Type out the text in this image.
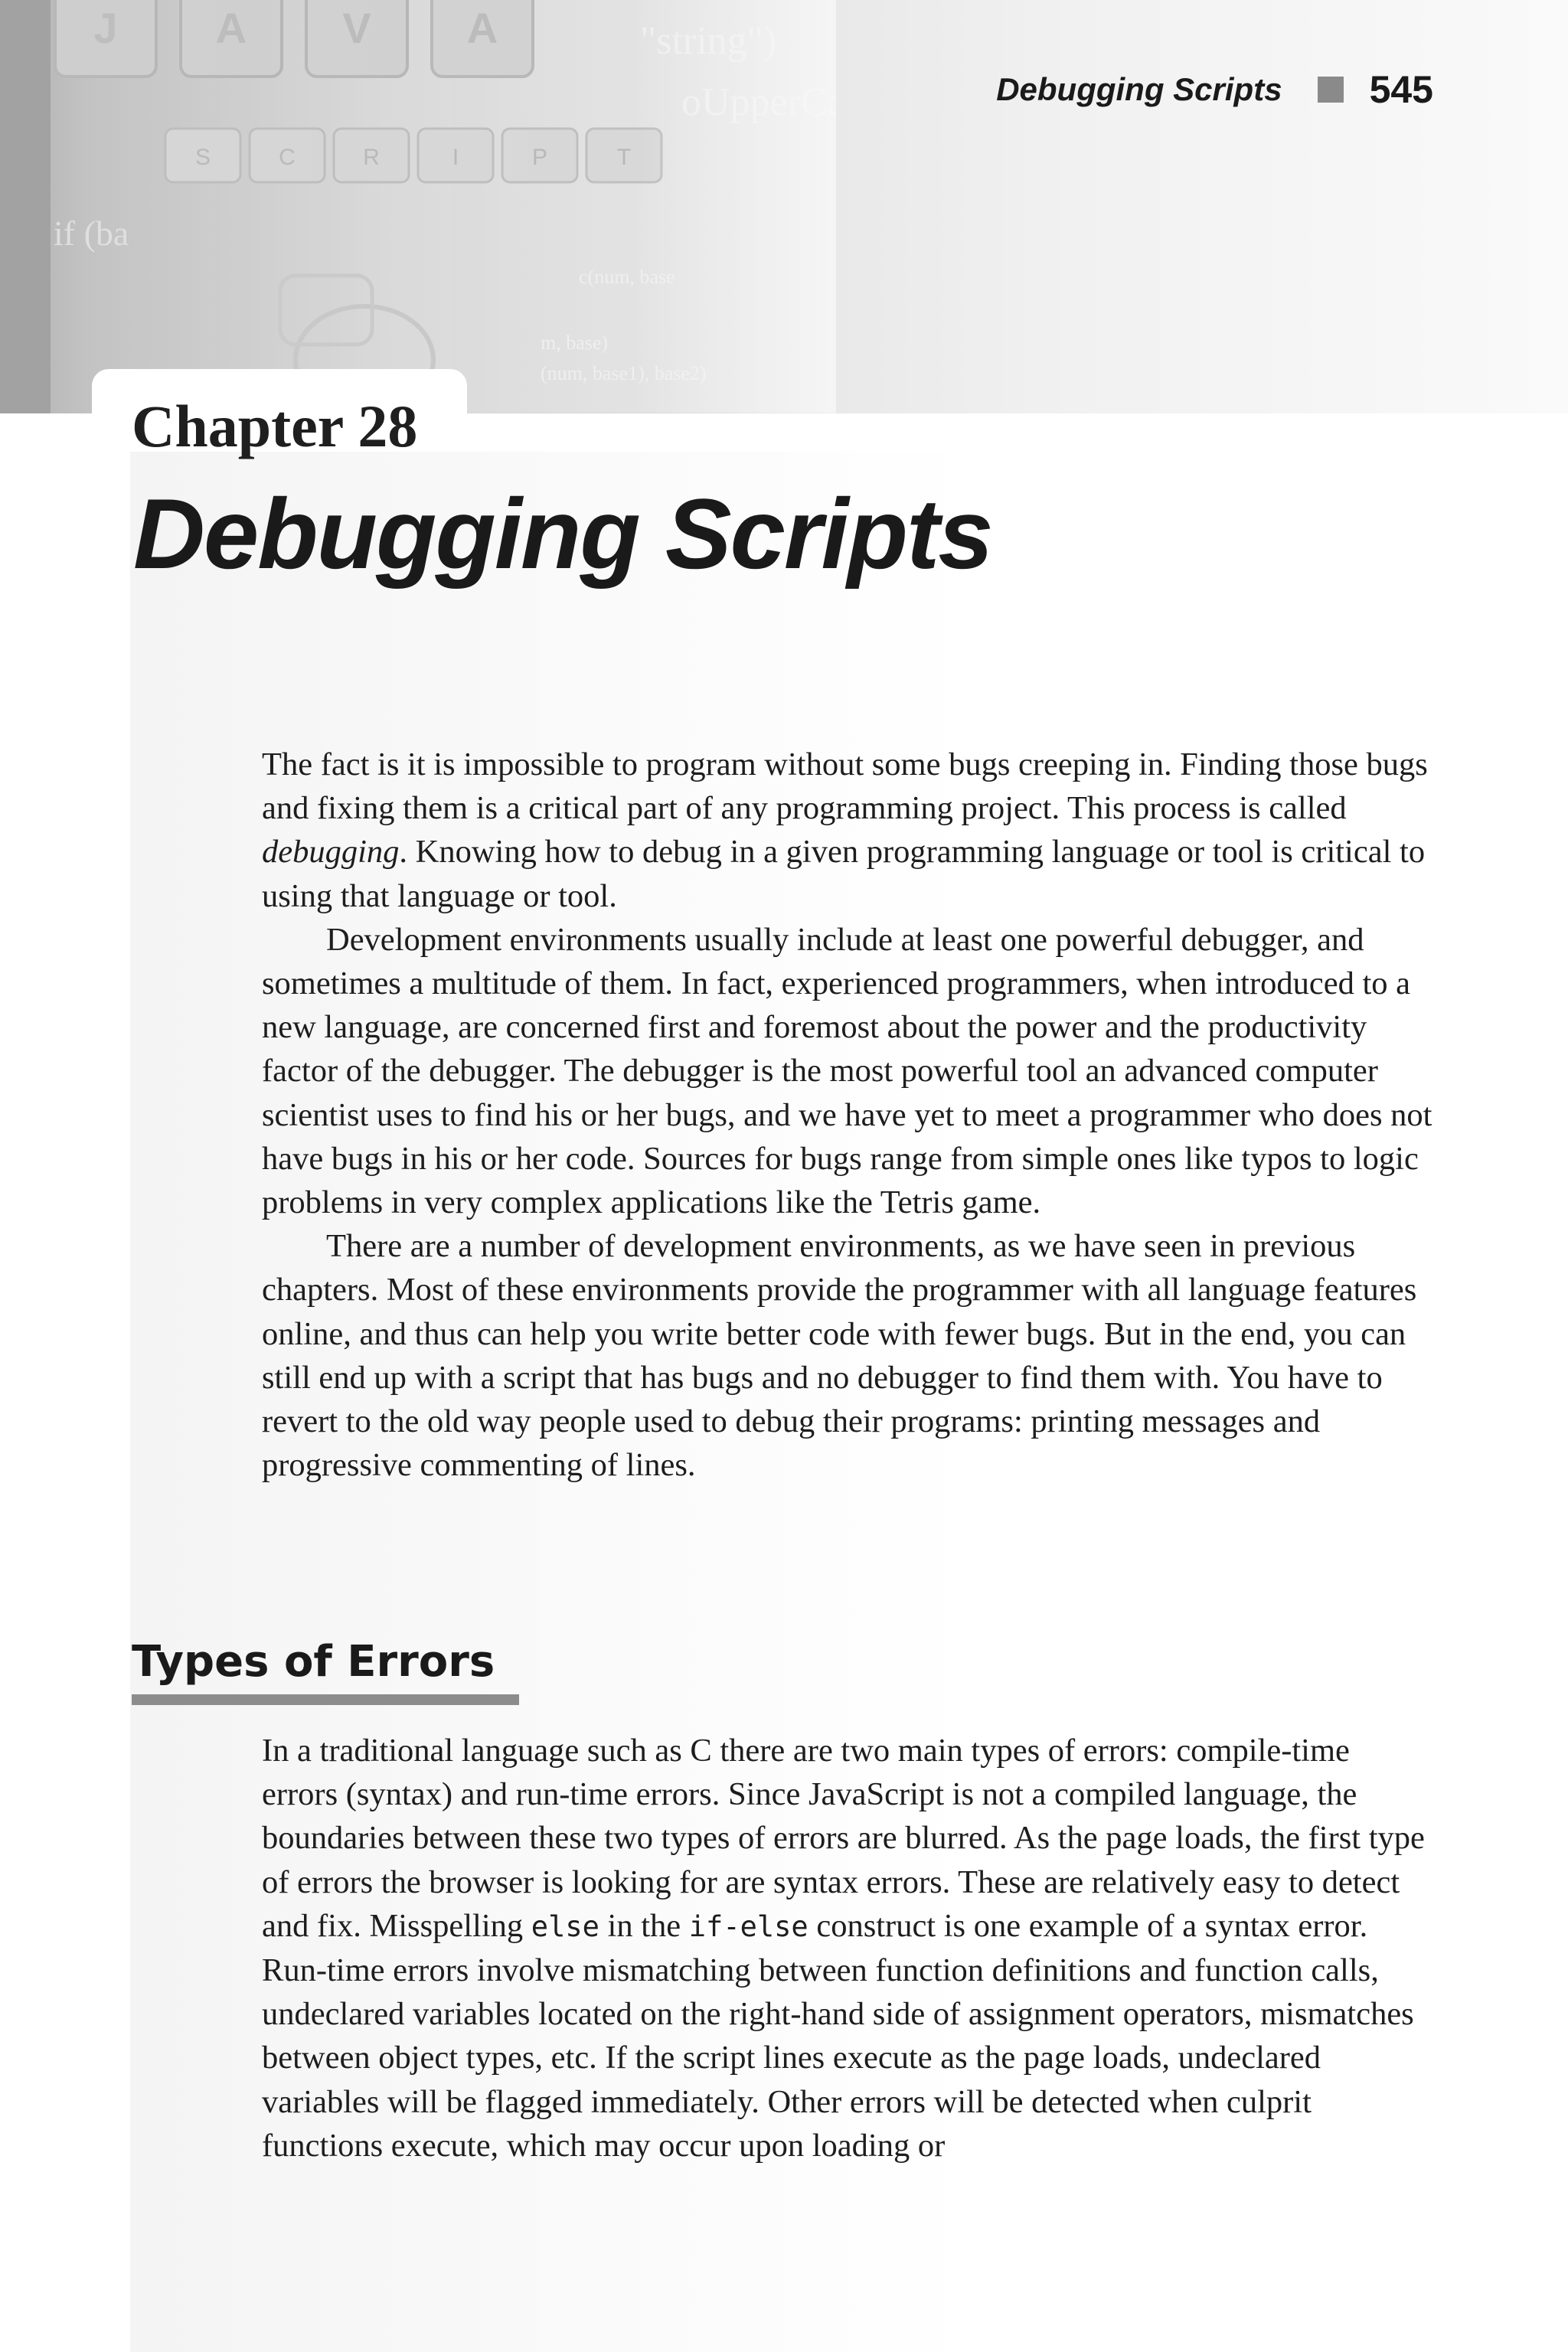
Debugging Scripts 545
Chapter 28
Debugging Scripts

The fact is it is impossible to program without some bugs creeping in. Finding those bugs and fixing them is a critical part of any programming project. This process is called debugging. Knowing how to debug in a given programming language or tool is critical to using that language or tool.

Development environments usually include at least one powerful debugger, and sometimes a multitude of them. In fact, experienced programmers, when introduced to a new language, are concerned first and foremost about the power and the productivity factor of the debugger. The debugger is the most powerful tool an advanced computer scientist uses to find his or her bugs, and we have yet to meet a programmer who does not have bugs in his or her code. Sources for bugs range from simple ones like typos to logic problems in very complex applications like the Tetris game.

There are a number of development environments, as we have seen in previous chapters. Most of these environments provide the programmer with all language features online, and thus can help you write better code with fewer bugs. But in the end, you can still end up with a script that has bugs and no debugger to find them with. You have to revert to the old way people used to debug their programs: printing messages and progressive commenting of lines.

Types of Errors

In a traditional language such as C there are two main types of errors: compile-time errors (syntax) and run-time errors. Since JavaScript is not a compiled language, the boundaries between these two types of errors are blurred. As the page loads, the first type of errors the browser is looking for are syntax errors. These are relatively easy to detect and fix. Misspelling else in the if-else construct is one example of a syntax error. Run-time errors involve mismatching between function definitions and function calls, undeclared variables located on the right-hand side of assignment operators, mismatches between object types, etc. If the script lines execute as the page loads, undeclared variables will be flagged immediately. Other errors will be detected when culprit functions execute, which may occur upon loading or
